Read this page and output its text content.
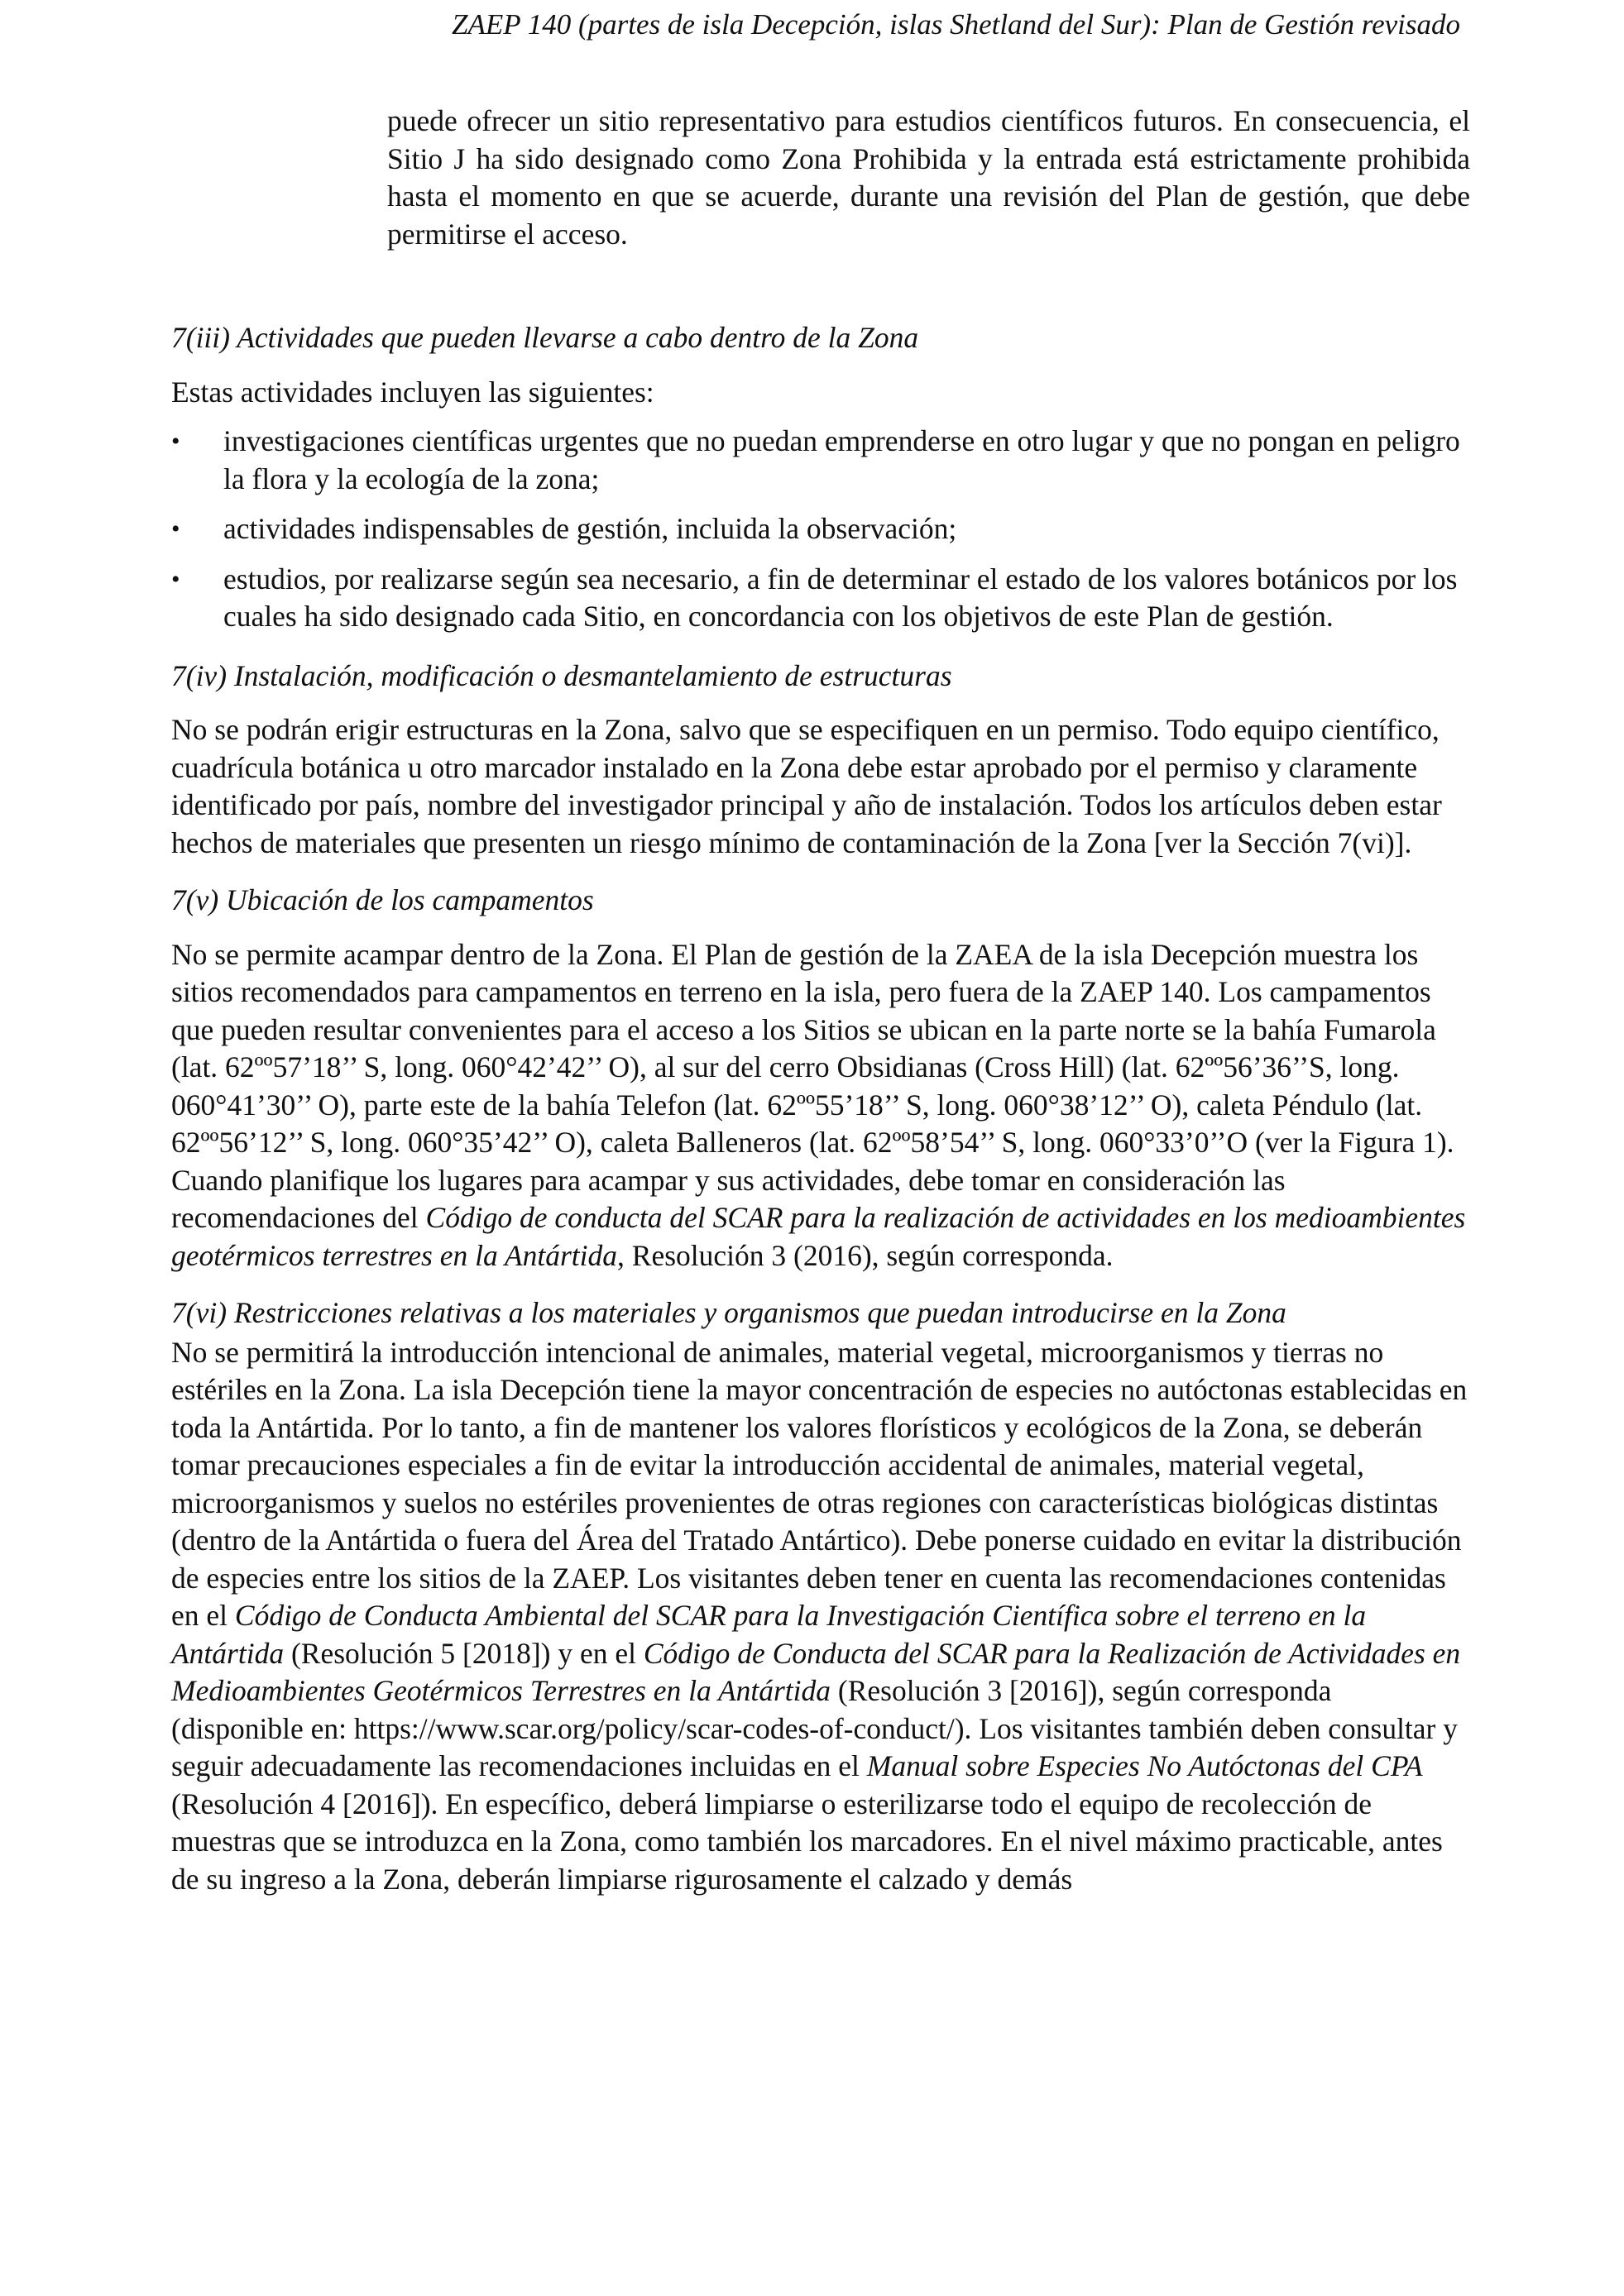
ZAEP 140 (partes de isla Decepción, islas Shetland del Sur): Plan de Gestión revisado

puede ofrecer un sitio representativo para estudios científicos futuros. En consecuencia, el Sitio J ha sido designado como Zona Prohibida y la entrada está estrictamente prohibida hasta el momento en que se acuerde, durante una revisión del Plan de gestión, que debe permitirse el acceso.

7(iii) Actividades que pueden llevarse a cabo dentro de la Zona

Estas actividades incluyen las siguientes:

• investigaciones científicas urgentes que no puedan emprenderse en otro lugar y que no pongan en peligro la flora y la ecología de la zona;
• actividades indispensables de gestión, incluida la observación;
• estudios, por realizarse según sea necesario, a fin de determinar el estado de los valores botánicos por los cuales ha sido designado cada Sitio, en concordancia con los objetivos de este Plan de gestión.

7(iv) Instalación, modificación o desmantelamiento de estructuras

No se podrán erigir estructuras en la Zona, salvo que se especifiquen en un permiso. Todo equipo científico, cuadrícula botánica u otro marcador instalado en la Zona debe estar aprobado por el permiso y claramente identificado por país, nombre del investigador principal y año de instalación. Todos los artículos deben estar hechos de materiales que presenten un riesgo mínimo de contaminación de la Zona [ver la Sección 7(vi)].

7(v) Ubicación de los campamentos

No se permite acampar dentro de la Zona. El Plan de gestión de la ZAEA de la isla Decepción muestra los sitios recomendados para campamentos en terreno en la isla, pero fuera de la ZAEP 140. Los campamentos que pueden resultar convenientes para el acceso a los Sitios se ubican en la parte norte se la bahía Fumarola (lat. 62ºº57’18’’ S, long. 060°42’42’’ O), al sur del cerro Obsidianas (Cross Hill) (lat. 62ºº56’36’’S, long. 060°41’30’’ O), parte este de la bahía Telefon (lat. 62ºº55’18’’ S, long. 060°38’12’’ O), caleta Péndulo (lat. 62ºº56’12’’ S, long. 060°35’42’’ O), caleta Balleneros (lat. 62ºº58’54’’ S, long. 060°33’0’’O (ver la Figura 1). Cuando planifique los lugares para acampar y sus actividades, debe tomar en consideración las recomendaciones del Código de conducta del SCAR para la realización de actividades en los medioambientes geotérmicos terrestres en la Antártida, Resolución 3 (2016), según corresponda.

7(vi) Restricciones relativas a los materiales y organismos que puedan introducirse en la Zona

No se permitirá la introducción intencional de animales, material vegetal, microorganismos y tierras no estériles en la Zona. La isla Decepción tiene la mayor concentración de especies no autóctonas establecidas en toda la Antártida. Por lo tanto, a fin de mantener los valores florísticos y ecológicos de la Zona, se deberán tomar precauciones especiales a fin de evitar la introducción accidental de animales, material vegetal, microorganismos y suelos no estériles provenientes de otras regiones con características biológicas distintas (dentro de la Antártida o fuera del Área del Tratado Antártico). Debe ponerse cuidado en evitar la distribución de especies entre los sitios de la ZAEP. Los visitantes deben tener en cuenta las recomendaciones contenidas en el Código de Conducta Ambiental del SCAR para la Investigación Científica sobre el terreno en la Antártida (Resolución 5 [2018]) y en el Código de Conducta del SCAR para la Realización de Actividades en Medioambientes Geotérmicos Terrestres en la Antártida (Resolución 3 [2016]), según corresponda (disponible en: https://www.scar.org/policy/scar-codes-of-conduct/). Los visitantes también deben consultar y seguir adecuadamente las recomendaciones incluidas en el Manual sobre Especies No Autóctonas del CPA (Resolución 4 [2016]). En específico, deberá limpiarse o esterilizarse todo el equipo de recolección de muestras que se introduzca en la Zona, como también los marcadores. En el nivel máximo practicable, antes de su ingreso a la Zona, deberán limpiarse rigurosamente el calzado y demás
